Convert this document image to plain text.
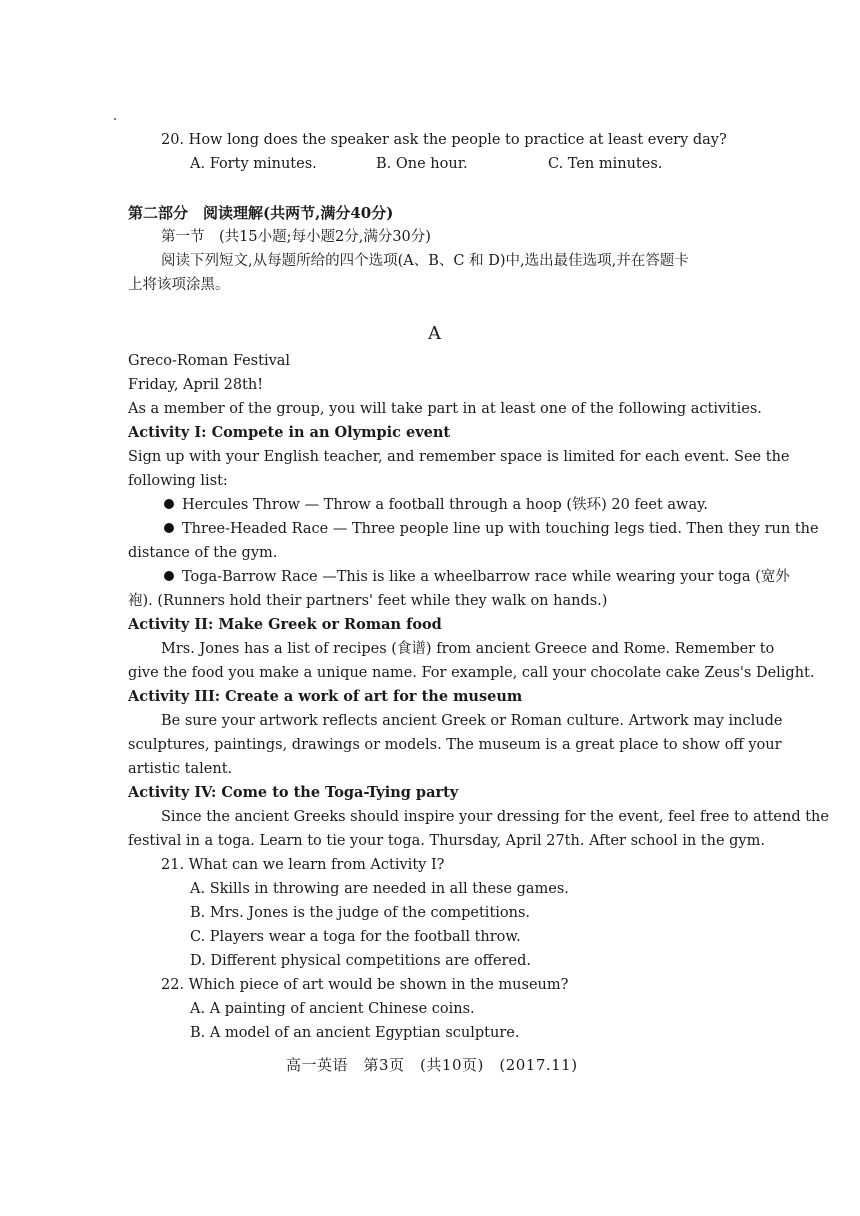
20. How long does the speaker ask the people to practice at least every day?
A. Forty minutes.	B. One hour.	C. Ten minutes.
第二部分　阅读理解(共两节,满分40分)
第一节　(共15小题;每小题2分,满分30分)
阅读下列短文,从每题所给的四个选项(A、B、C 和 D)中,选出最佳选项,并在答题卡
上将该项涂黑。
A
Greco-Roman Festival
Friday, April 28th!
As a member of the group, you will take part in at least one of the following activities.
Activity I: Compete in an Olympic event
Sign up with your English teacher, and remember space is limited for each event. See the
following list:
Hercules Throw — Throw a football through a hoop (铁环) 20 feet away.
Three-Headed Race — Three people line up with touching legs tied. Then they run the
distance of the gym.
Toga-Barrow Race —This is like a wheelbarrow race while wearing your toga (宽外
袍). (Runners hold their partners' feet while they walk on hands.)
Activity II: Make Greek or Roman food
Mrs. Jones has a list of recipes (食谱) from ancient Greece and Rome. Remember to
give the food you make a unique name. For example, call your chocolate cake Zeus's Delight.
Activity III: Create a work of art for the museum
Be sure your artwork reflects ancient Greek or Roman culture. Artwork may include
sculptures, paintings, drawings or models. The museum is a great place to show off your
artistic talent.
Activity IV: Come to the Toga-Tying party
Since the ancient Greeks should inspire your dressing for the event, feel free to attend the
festival in a toga. Learn to tie your toga. Thursday, April 27th. After school in the gym.
21. What can we learn from Activity I?
A. Skills in throwing are needed in all these games.
B. Mrs. Jones is the judge of the competitions.
C. Players wear a toga for the football throw.
D. Different physical competitions are offered.
22. Which piece of art would be shown in the museum?
A. A painting of ancient Chinese coins.
B. A model of an ancient Egyptian sculpture.
高一英语　第3页　(共10页)　(2017.11)
